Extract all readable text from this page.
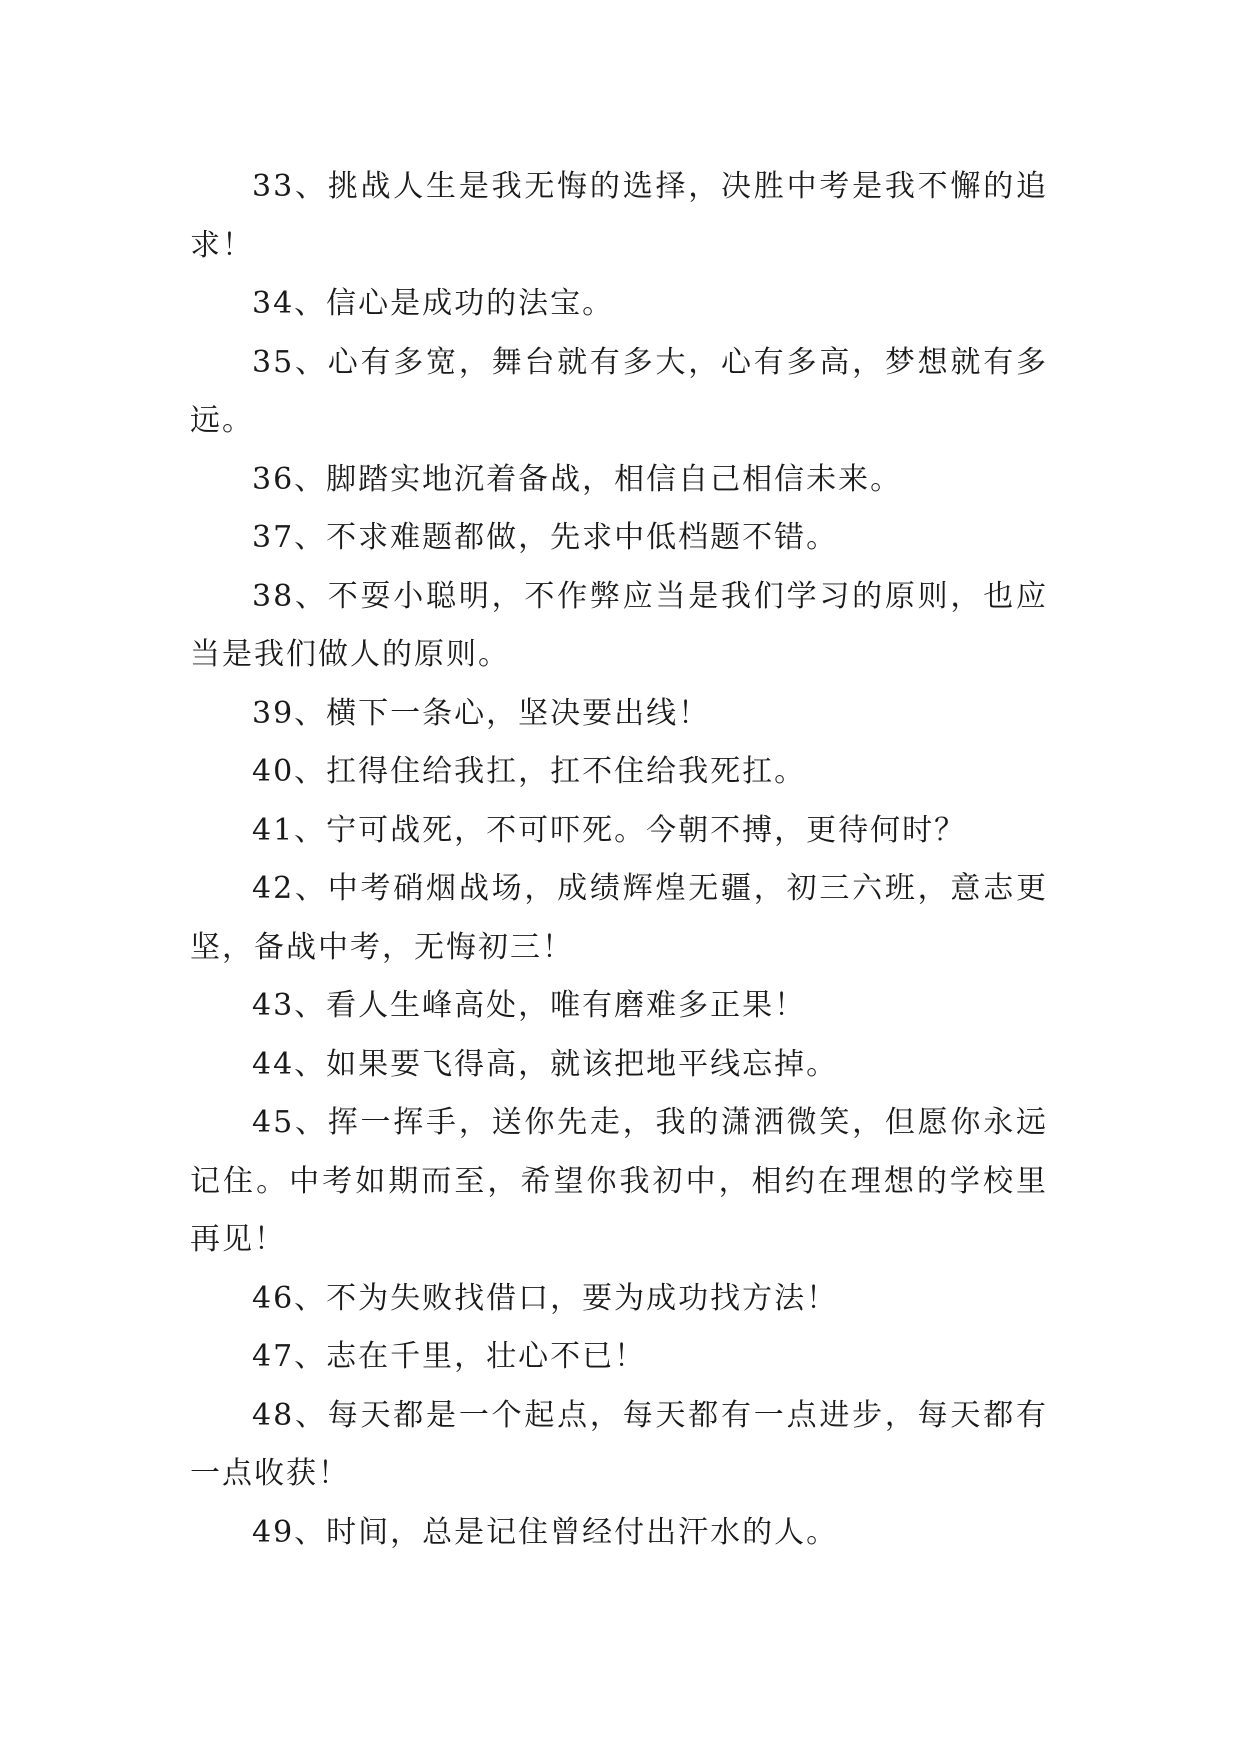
33、挑战人生是我无悔的选择，决胜中考是我不懈的追求！

34、信心是成功的法宝。

35、心有多宽，舞台就有多大，心有多高，梦想就有多远。

36、脚踏实地沉着备战，相信自己相信未来。

37、不求难题都做，先求中低档题不错。

38、不耍小聪明，不作弊应当是我们学习的原则，也应当是我们做人的原则。

39、横下一条心，坚决要出线！

40、扛得住给我扛，扛不住给我死扛。

41、宁可战死，不可吓死。今朝不搏，更待何时？

42、中考硝烟战场，成绩辉煌无疆，初三六班，意志更坚，备战中考，无悔初三！

43、看人生峰高处，唯有磨难多正果！

44、如果要飞得高，就该把地平线忘掉。

45、挥一挥手，送你先走，我的潇洒微笑，但愿你永远记住。中考如期而至，希望你我初中，相约在理想的学校里再见！

46、不为失败找借口，要为成功找方法！

47、志在千里，壮心不已！

48、每天都是一个起点，每天都有一点进步，每天都有一点收获！

49、时间，总是记住曾经付出汗水的人。
